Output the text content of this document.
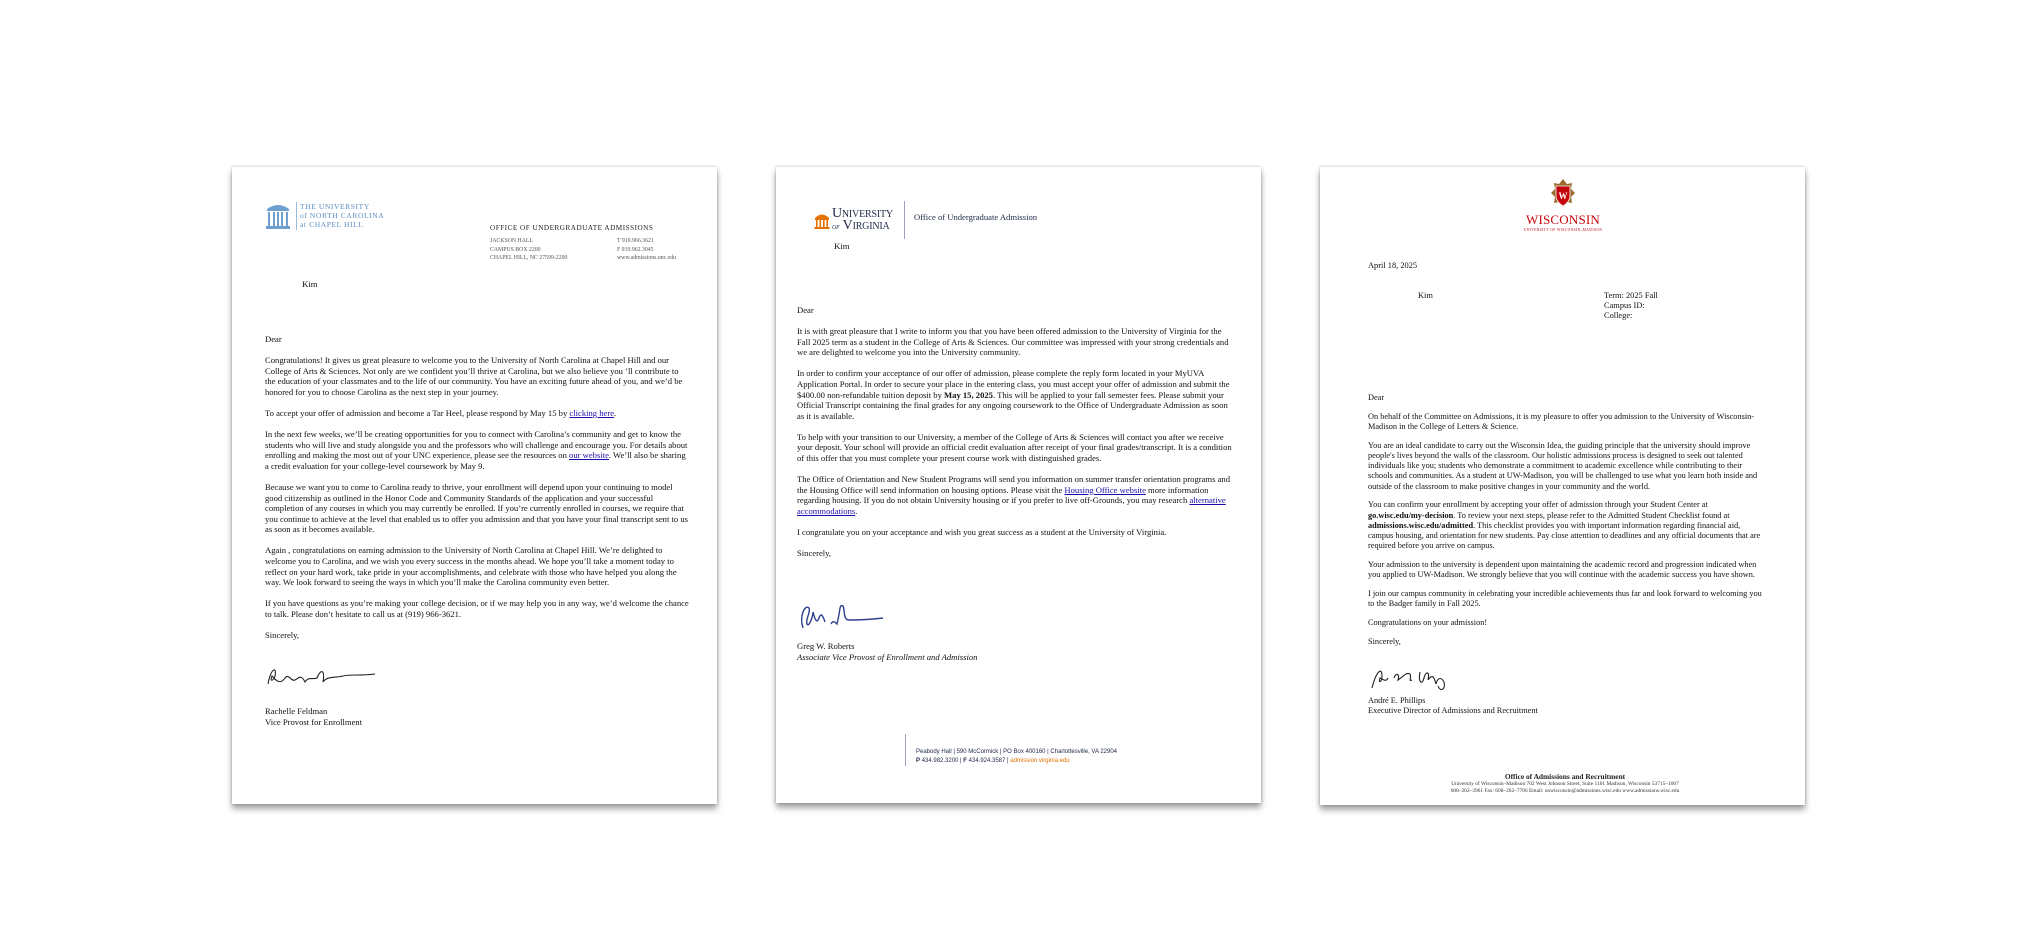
THE UNIVERSITY
of NORTH CAROLINA
at CHAPEL HILL	OFFICE OF UNDERGRADUATE ADMISSIONS
JACKSON HALL
CAMPUS BOX 2200
CHAPEL HILL, NC 27599-2200
T 919.966.3621
F 919.962.3045
www.admissions.unc.edu
Kim

Dear

Congratulations! It gives us great pleasure to welcome you to the University of North Carolina at Chapel Hill and our College of Arts & Sciences. Not only are we confident you’ll thrive at Carolina, but we also believe you ’ll contribute to the education of your classmates and to the life of our community. You have an exciting future ahead of you, and we’d be honored for you to choose Carolina as the next step in your journey.

To accept your offer of admission and become a Tar Heel, please respond by May 15 by clicking here.

In the next few weeks, we’ll be creating opportunities for you to connect with Carolina’s community and get to know the students who will live and study alongside you and the professors who will challenge and encourage you. For details about enrolling and making the most out of your UNC experience, please see the resources on our website. We’ll also be sharing a credit evaluation for your college-level coursework by May 9.

Because we want you to come to Carolina ready to thrive, your enrollment will depend upon your continuing to model good citizenship as outlined in the Honor Code and Community Standards of the application and your successful completion of any courses in which you may currently be enrolled. If you’re currently enrolled in courses, we require that you continue to achieve at the level that enabled us to offer you admission and that you have your final transcript sent to us as soon as it becomes available.

Again , congratulations on earning admission to the University of North Carolina at Chapel Hill. We’re delighted to welcome you to Carolina, and we wish you every success in the months ahead. We hope you’ll take a moment today to reflect on your hard work, take pride in your accomplishments, and celebrate with those who have helped you along the way. We look forward to seeing the ways in which you’ll make the Carolina community even better.

If you have questions as you’re making your college decision, or if we may help you in any way, we’d welcome the chance to talk. Please don’t hesitate to call us at (919) 966-3621.

Sincerely,

Rachelle Feldman
Vice Provost for Enrollment
University
of Virginia
Office of Undergraduate Admission
Kim

Dear

It is with great pleasure that I write to inform you that you have been offered admission to the University of Virginia for the Fall 2025 term as a student in the College of Arts & Sciences. Our committee was impressed with your strong credentials and we are delighted to welcome you into the University community.

In order to confirm your acceptance of our offer of admission, please complete the reply form located in your MyUVA Application Portal. In order to secure your place in the entering class, you must accept your offer of admission and submit the $400.00 non-refundable tuition deposit by May 15, 2025. This will be applied to your fall semester fees. Please submit your Official Transcript containing the final grades for any ongoing coursework to the Office of Undergraduate Admission as soon as it is available.

To help with your transition to our University, a member of the College of Arts & Sciences will contact you after we receive your deposit. Your school will provide an official credit evaluation after receipt of your final grades/transcript. It is a condition of this offer that you must complete your present course work with distinguished grades.

The Office of Orientation and New Student Programs will send you information on summer transfer orientation programs and the Housing Office will send information on housing options. Please visit the Housing Office website more information regarding housing. If you do not obtain University housing or if you prefer to live off-Grounds, you may research alternative accommodations.

I congratulate you on your acceptance and wish you great success as a student at the University of Virginia.

Sincerely,

Greg W. Roberts
Associate Vice Provost of Enrollment and Admission
Peabody Hall | 590 McCormick | PO Box 400160 | Charlottesville, VA 22904
P 434.982.3200 | F 434.924.3587 | admission.virginia.edu
W
WISCONSIN
UNIVERSITY OF WISCONSIN–MADISON
April 18, 2025
Kim	Term: 2025 Fall
Campus ID:
College:

Dear

On behalf of the Committee on Admissions, it is my pleasure to offer you admission to the University of Wisconsin-Madison in the College of Letters & Science.

You are an ideal candidate to carry out the Wisconsin Idea, the guiding principle that the university should improve people's lives beyond the walls of the classroom. Our holistic admissions process is designed to seek out talented individuals like you; students who demonstrate a commitment to academic excellence while contributing to their schools and communities. As a student at UW-Madison, you will be challenged to use what you learn both inside and outside of the classroom to make positive changes in your community and the world.

You can confirm your enrollment by accepting your offer of admission through your Student Center at go.wisc.edu/my-decision. To review your next steps, please refer to the Admitted Student Checklist found at admissions.wisc.edu/admitted. This checklist provides you with important information regarding financial aid, campus housing, and orientation for new students. Pay close attention to deadlines and any official documents that are required before you arrive on campus.

Your admission to the university is dependent upon maintaining the academic record and progression indicated when you applied to UW-Madison. We strongly believe that you will continue with the academic success you have shown.

I join our campus community in celebrating your incredible achievements thus far and look forward to welcoming you to the Badger family in Fall 2025.

Congratulations on your admission!

Sincerely,

André E. Phillips
Executive Director of Admissions and Recruitment
Office of Admissions and Recruitment
University of Wisconsin–Madison 702 West Johnson Street, Suite 1101 Madison, Wisconsin 53715–1007
608–262–3961 Fax: 608–262–7706 Email: onwisconsin@admissions.wisc.edu www.admissions.wisc.edu
